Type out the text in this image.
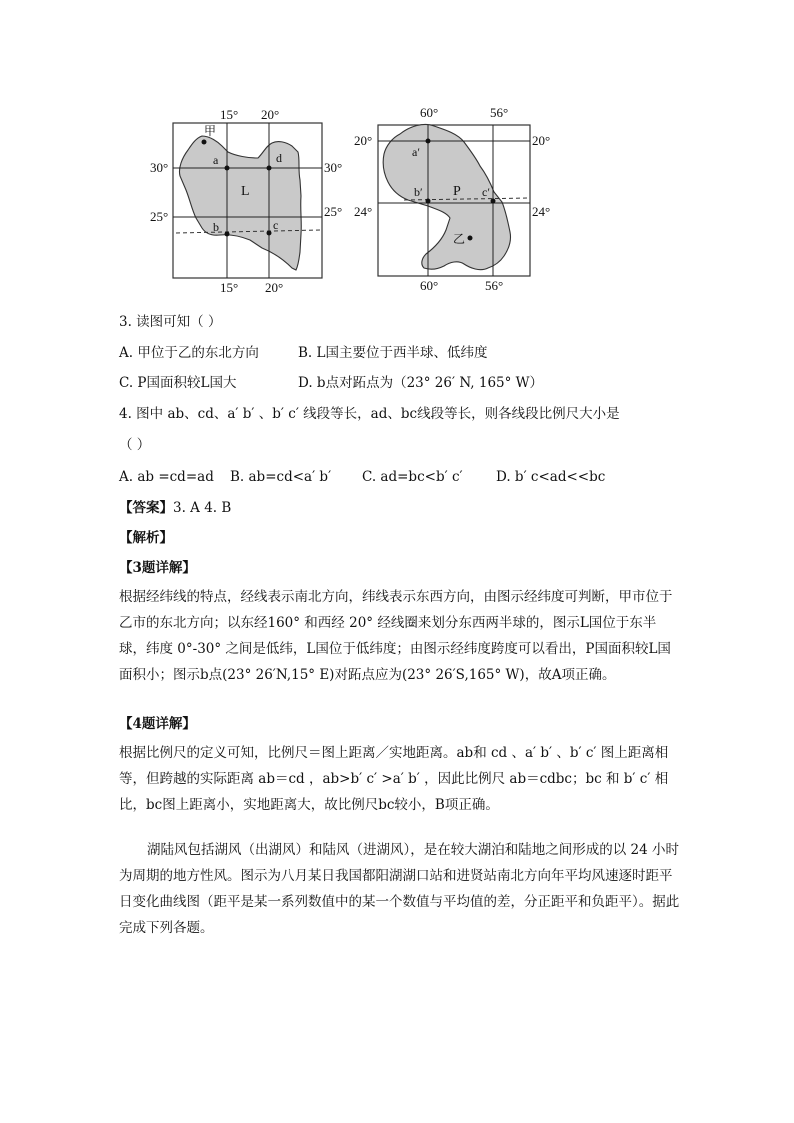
15° 20°
15° 20°
30°
25°
30°
25°
L
甲
a	d
b	c
60°	56°
60°	56°
20°
24°
20°
24°
P
a′
b′	c′
乙
3. 读图可知（ ）
A. 甲位于乙的东北方向	B. L国主要位于西半球、低纬度
C. P国面积较L国大	D. b点对跖点为（23° 26′ N, 165° W）
4. 图中 ab、cd、a′ b′ 、b′ c′ 线段等长，ad、bc线段等长，则各线段比例尺大小是
（ ）
A. ab =cd=ad B. ab=cd<a′ b′ C. ad=bc<b′ c′ D. b′ c<ad<<bc
【答案】3. A 4. B
【解析】
【3题详解】
根据经纬线的特点，经线表示南北方向，纬线表示东西方向，由图示经纬度可判断，甲市位于乙市的东北方向；以东经160° 和西经 20° 经线圈来划分东西两半球的，图示L国位于东半球，纬度 0°-30° 之间是低纬，L国位于低纬度；由图示经纬度跨度可以看出，P国面积较L国面积小；图示b点(23° 26′N,15° E)对跖点应为(23° 26′S,165° W)，故A项正确。
【4题详解】
根据比例尺的定义可知，比例尺＝图上距离／实地距离。ab和 cd 、a′ b′ 、b′ c′ 图上距离相等，但跨越的实际距离 ab＝cd ，ab>b′ c′ >a′ b′ ，因此比例尺 ab＝cdbc；bc 和 b′ c′ 相比，bc图上距离小，实地距离大，故比例尺bc较小，B项正确。
湖陆风包括湖风（出湖风）和陆风（进湖风），是在较大湖泊和陆地之间形成的以 24 小时为周期的地方性风。图示为八月某日我国都阳湖湖口站和进贤站南北方向年平均风速逐时距平日变化曲线图（距平是某一系列数值中的某一个数值与平均值的差，分正距平和负距平）。据此完成下列各题。
